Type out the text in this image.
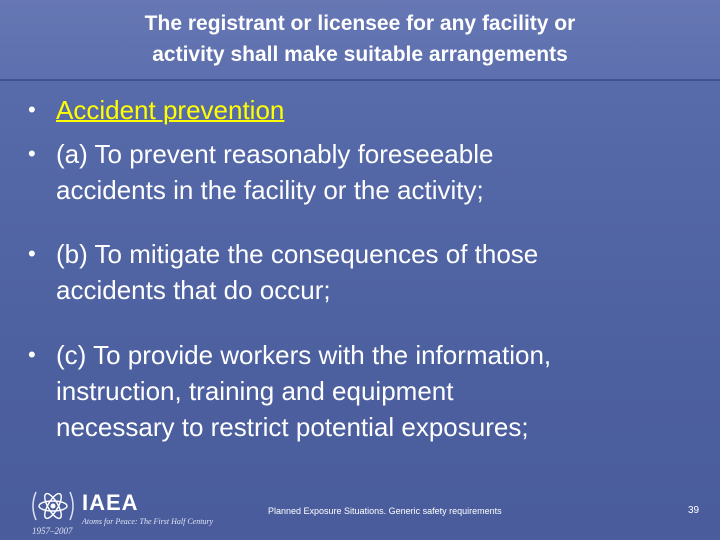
The registrant or licensee for any facility or
activity shall make suitable arrangements
• Accident prevention
• (a) To prevent reasonably foreseeable
accidents in the facility or the activity;
• (b) To mitigate the consequences of those
accidents that do occur;
• (c) To provide workers with the information,
instruction, training and equipment
necessary to restrict potential exposures;
IAEA
Atoms for Peace: The First Half Century
1957–2007
Planned Exposure Situations. Generic safety requirements	39
